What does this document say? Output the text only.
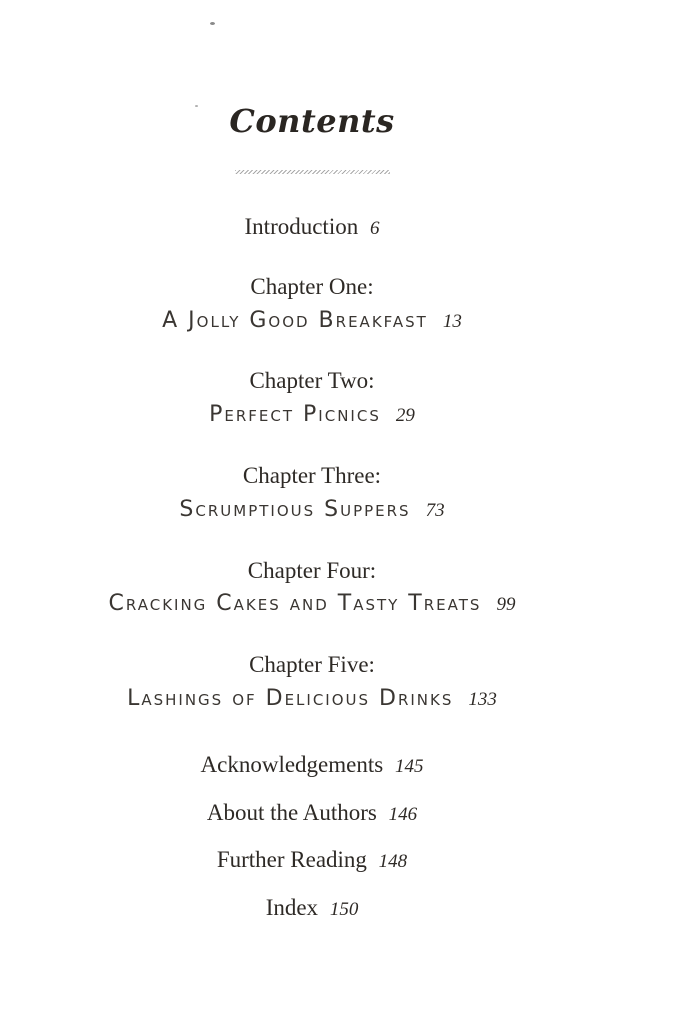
Contents
Introduction 6
Chapter One:
A Jolly Good Breakfast 13
Chapter Two:
Perfect Picnics 29
Chapter Three:
Scrumptious Suppers 73
Chapter Four:
Cracking Cakes and Tasty Treats 99
Chapter Five:
Lashings of Delicious Drinks 133
Acknowledgements 145
About the Authors 146
Further Reading 148
Index 150
